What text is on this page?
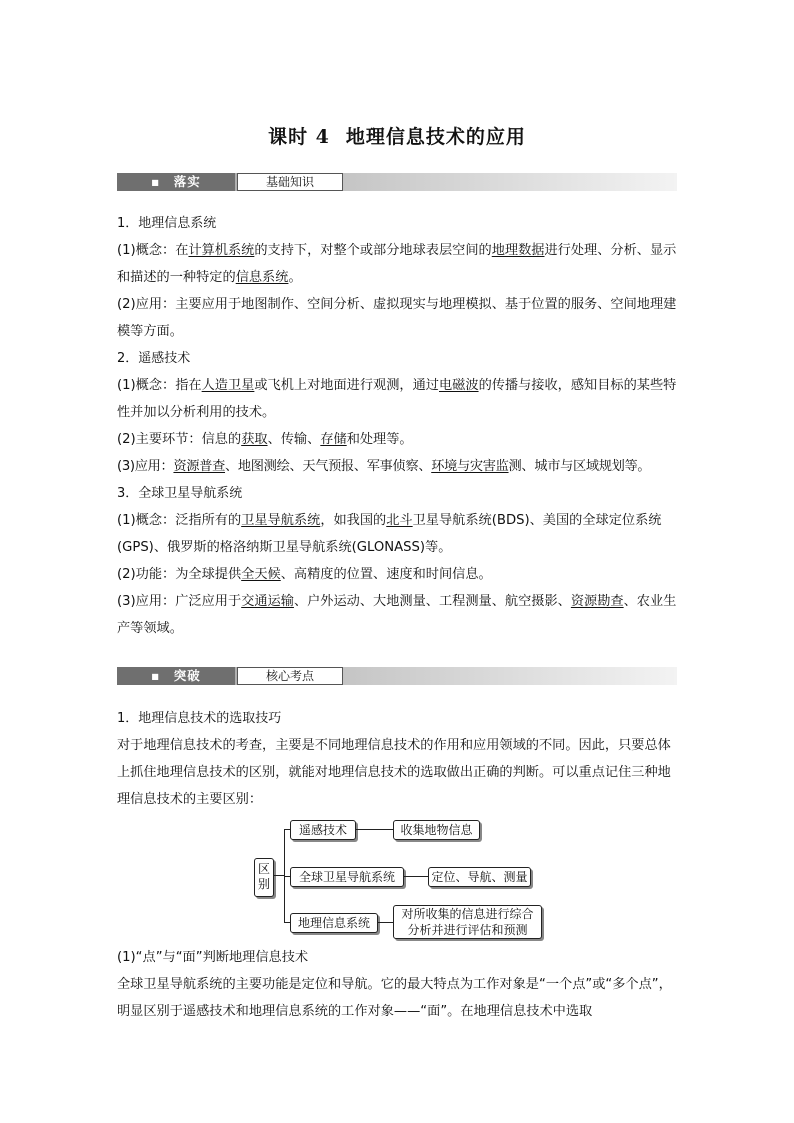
课时 4 地理信息技术的应用
■ 落实	基础知识

1．地理信息系统

(1)概念：在计算机系统的支持下，对整个或部分地球表层空间的地理数据进行处理、分析、显示和描述的一种特定的信息系统。

(2)应用：主要应用于地图制作、空间分析、虚拟现实与地理模拟、基于位置的服务、空间地理建模等方面。

2．遥感技术

(1)概念：指在人造卫星或飞机上对地面进行观测，通过电磁波的传播与接收，感知目标的某些特性并加以分析利用的技术。

(2)主要环节：信息的获取、传输、存储和处理等。

(3)应用：资源普查、地图测绘、天气预报、军事侦察、环境与灾害监测、城市与区域规划等。

3．全球卫星导航系统

(1)概念：泛指所有的卫星导航系统，如我国的北斗卫星导航系统(BDS)、美国的全球定位系统(GPS)、俄罗斯的格洛纳斯卫星导航系统(GLONASS)等。

(2)功能：为全球提供全天候、高精度的位置、速度和时间信息。

(3)应用：广泛应用于交通运输、户外运动、大地测量、工程测量、航空摄影、资源勘查、农业生产等领域。

■ 突破	核心考点

1．地理信息技术的选取技巧

对于地理信息技术的考查，主要是不同地理信息技术的作用和应用领域的不同。因此，只要总体上抓住地理信息技术的区别，就能对地理信息技术的选取做出正确的判断。可以重点记住三种地理信息技术的主要区别：

区别
遥感技术	收集地物信息
全球卫星导航系统	定位、导航、测量
地理信息系统
对所收集的信息进行综合
分析并进行评估和预测

(1)“点”与“面”判断地理信息技术

全球卫星导航系统的主要功能是定位和导航。它的最大特点为工作对象是“一个点”或“多个点”，明显区别于遥感技术和地理信息系统的工作对象——“面”。在地理信息技术中选取
